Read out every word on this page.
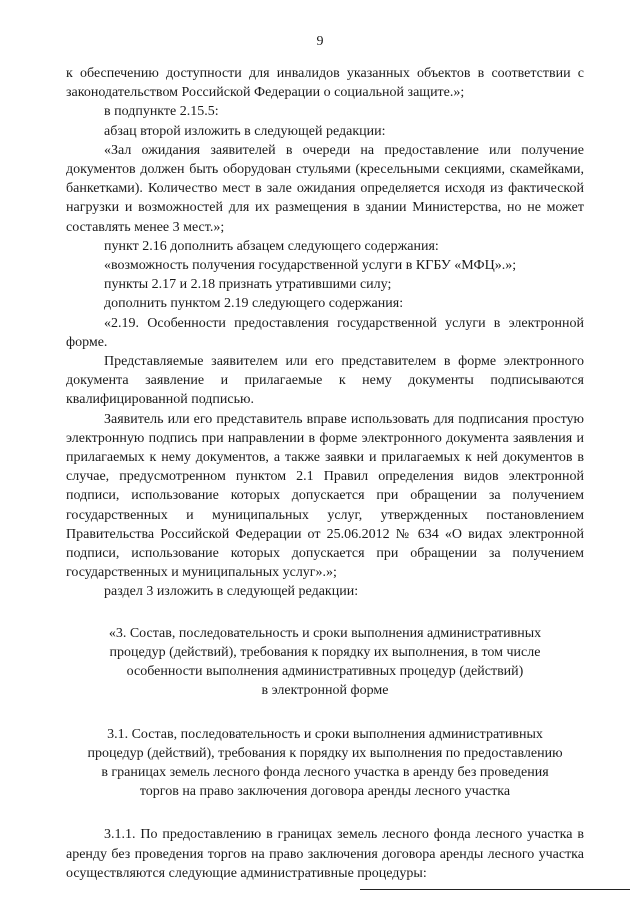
9

к обеспечению доступности для инвалидов указанных объектов в соответствии с законодательством Российской Федерации о социальной защите.»;

в подпункте 2.15.5:

абзац второй изложить в следующей редакции:

«Зал ожидания заявителей в очереди на предоставление или получение документов должен быть оборудован стульями (кресельными секциями, скамейками, банкетками). Количество мест в зале ожидания определяется исходя из фактической нагрузки и возможностей для их размещения в здании Министерства, но не может составлять менее 3 мест.»;

пункт 2.16 дополнить абзацем следующего содержания:

«возможность получения государственной услуги в КГБУ «МФЦ».»;

пункты 2.17 и 2.18 признать утратившими силу;

дополнить пунктом 2.19 следующего содержания:

«2.19. Особенности предоставления государственной услуги в электронной форме.

Представляемые заявителем или его представителем в форме электронного документа заявление и прилагаемые к нему документы подписываются квалифицированной подписью.

Заявитель или его представитель вправе использовать для подписания простую электронную подпись при направлении в форме электронного документа заявления и прилагаемых к нему документов, а также заявки и прилагаемых к ней документов в случае, предусмотренном пунктом 2.1 Правил определения видов электронной подписи, использование которых допускается при обращении за получением государственных и муниципальных услуг, утвержденных постановлением Правительства Российской Федерации от 25.06.2012 № 634 «О видах электронной подписи, использование которых допускается при обращении за получением государственных и муниципальных услуг».»;

раздел 3 изложить в следующей редакции:

«3. Состав, последовательность и сроки выполнения административных

процедур (действий), требования к порядку их выполнения, в том числе

особенности выполнения административных процедур (действий)

в электронной форме

3.1. Состав, последовательность и сроки выполнения административных

процедур (действий), требования к порядку их выполнения по предоставлению

в границах земель лесного фонда лесного участка в аренду без проведения

торгов на право заключения договора аренды лесного участка

3.1.1. По предоставлению в границах земель лесного фонда лесного участка в аренду без проведения торгов на право заключения договора аренды лесного участка осуществляются следующие административные процедуры:
